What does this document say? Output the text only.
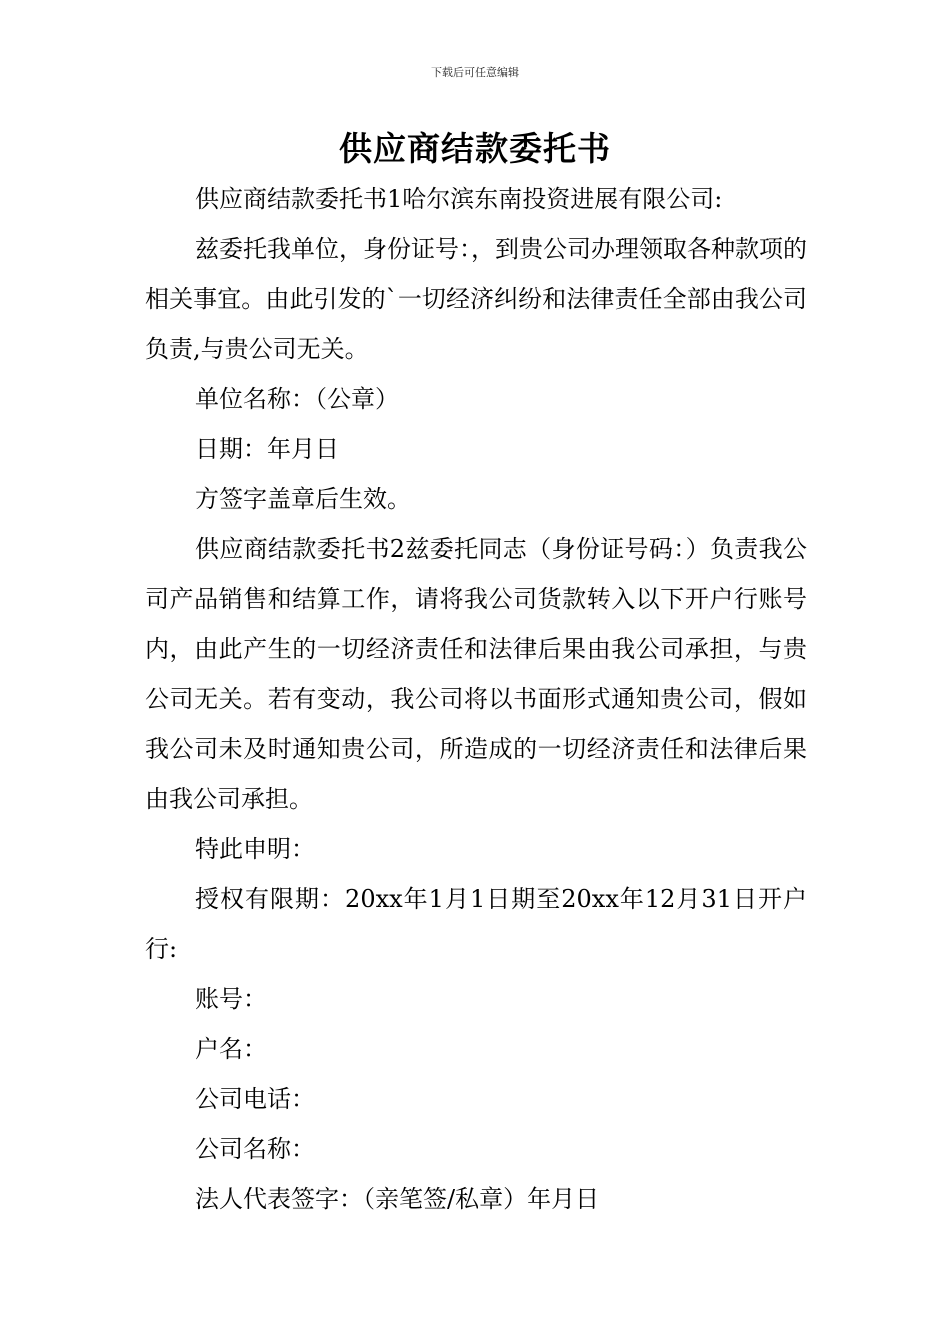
下载后可任意编辑
供应商结款委托书

供应商结款委托书1哈尔滨东南投资进展有限公司:

兹委托我单位，身份证号：，到贵公司办理领取各种款项的相关事宜。由此引发的`一切经济纠纷和法律责任全部由我公司负责,与贵公司无关。

单位名称：（公章）

日期：年月日

方签字盖章后生效。

供应商结款委托书2兹委托同志（身份证号码：）负责我公司产品销售和结算工作，请将我公司货款转入以下开户行账号内，由此产生的一切经济责任和法律后果由我公司承担，与贵公司无关。若有变动，我公司将以书面形式通知贵公司，假如我公司未及时通知贵公司，所造成的一切经济责任和法律后果由我公司承担。

特此申明：

授权有限期：20xx年1月1日期至20xx年12月31日开户行:

账号：

户名：

公司电话：

公司名称：

法人代表签字：（亲笔签/私章）年月日
